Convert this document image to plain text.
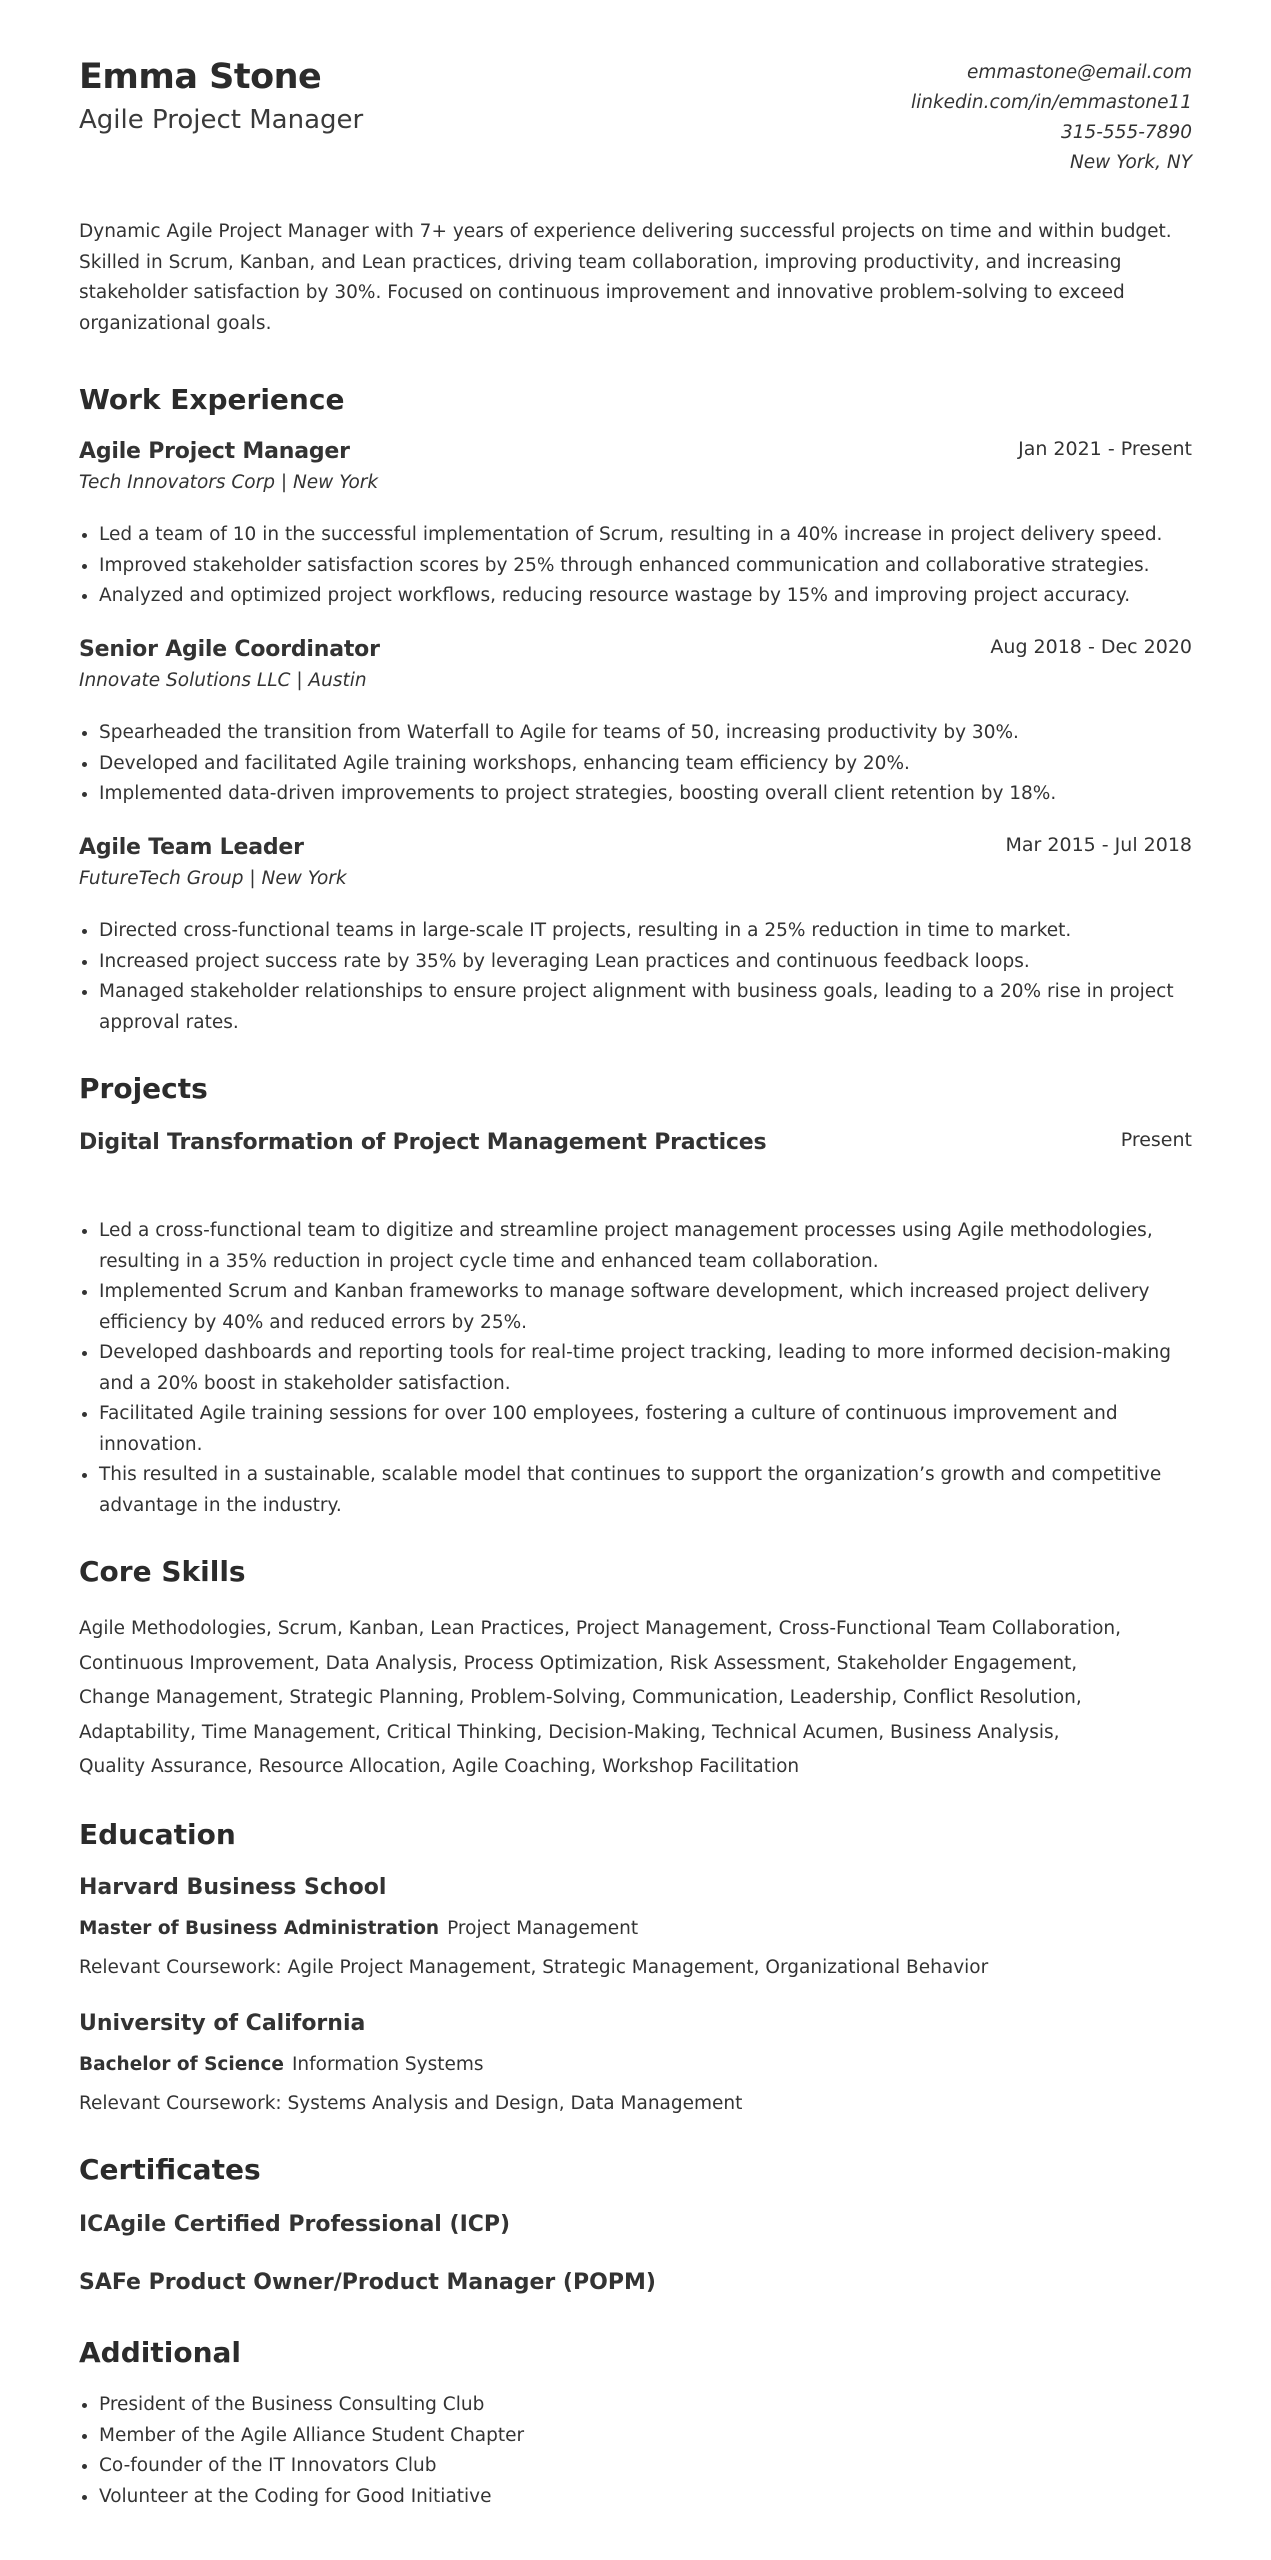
Emma Stone
Agile Project Manager
emmastone@email.com
linkedin.com/in/emmastone11
315-555-7890
New York, NY
Dynamic Agile Project Manager with 7+ years of experience delivering successful projects on time and within budget. Skilled in Scrum, Kanban, and Lean practices, driving team collaboration, improving productivity, and increasing stakeholder satisfaction by 30%. Focused on continuous improvement and innovative problem-solving to exceed organizational goals.
Work Experience
Agile Project Manager
Tech Innovators Corp | New York
Jan 2021 - Present
• Led a team of 10 in the successful implementation of Scrum, resulting in a 40% increase in project delivery speed.
• Improved stakeholder satisfaction scores by 25% through enhanced communication and collaborative strategies.
• Analyzed and optimized project workflows, reducing resource wastage by 15% and improving project accuracy.
Senior Agile Coordinator
Innovate Solutions LLC | Austin
Aug 2018 - Dec 2020
• Spearheaded the transition from Waterfall to Agile for teams of 50, increasing productivity by 30%.
• Developed and facilitated Agile training workshops, enhancing team efficiency by 20%.
• Implemented data-driven improvements to project strategies, boosting overall client retention by 18%.
Agile Team Leader
FutureTech Group | New York
Mar 2015 - Jul 2018
• Directed cross-functional teams in large-scale IT projects, resulting in a 25% reduction in time to market.
• Increased project success rate by 35% by leveraging Lean practices and continuous feedback loops.
• Managed stakeholder relationships to ensure project alignment with business goals, leading to a 20% rise in project approval rates.
Projects
Digital Transformation of Project Management Practices	Present
• Led a cross-functional team to digitize and streamline project management processes using Agile methodologies, resulting in a 35% reduction in project cycle time and enhanced team collaboration.
• Implemented Scrum and Kanban frameworks to manage software development, which increased project delivery efficiency by 40% and reduced errors by 25%.
• Developed dashboards and reporting tools for real-time project tracking, leading to more informed decision-making and a 20% boost in stakeholder satisfaction.
• Facilitated Agile training sessions for over 100 employees, fostering a culture of continuous improvement and innovation.
• This resulted in a sustainable, scalable model that continues to support the organization’s growth and competitive advantage in the industry.
Core Skills
Agile Methodologies, Scrum, Kanban, Lean Practices, Project Management, Cross-Functional Team Collaboration,
Continuous Improvement, Data Analysis, Process Optimization, Risk Assessment, Stakeholder Engagement,
Change Management, Strategic Planning, Problem-Solving, Communication, Leadership, Conflict Resolution,
Adaptability, Time Management, Critical Thinking, Decision-Making, Technical Acumen, Business Analysis,
Quality Assurance, Resource Allocation, Agile Coaching, Workshop Facilitation
Education
Harvard Business School
Master of Business Administration Project Management
Relevant Coursework: Agile Project Management, Strategic Management, Organizational Behavior
University of California
Bachelor of Science Information Systems
Relevant Coursework: Systems Analysis and Design, Data Management
Certificates
ICAgile Certified Professional (ICP)
SAFe Product Owner/Product Manager (POPM)
Additional
• President of the Business Consulting Club
• Member of the Agile Alliance Student Chapter
• Co-founder of the IT Innovators Club
• Volunteer at the Coding for Good Initiative
